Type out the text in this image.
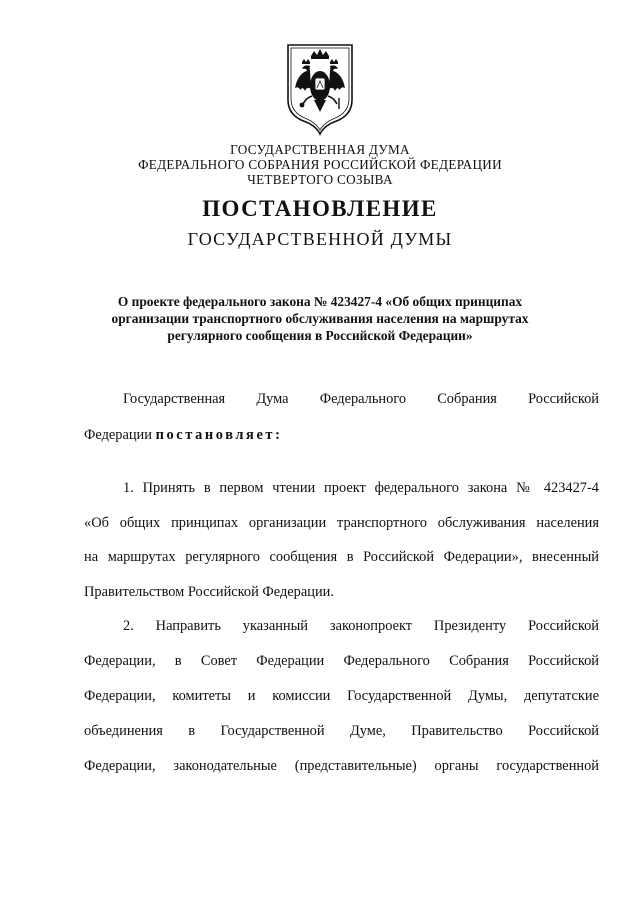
ГОСУДАРСТВЕННАЯ ДУМА
ФЕДЕРАЛЬНОГО СОБРАНИЯ РОССИЙСКОЙ ФЕДЕРАЦИИ
ЧЕТВЕРТОГО СОЗЫВА
ПОСТАНОВЛЕНИЕ
ГОСУДАРСТВЕННОЙ ДУМЫ
О проекте федерального закона № 423427-4 «Об общих принципах
организации транспортного обслуживания населения на маршрутах
регулярного сообщения в Российской Федерации»
Государственная Дума Федерального Собрания Российской
Федерации постановляет:
1. Принять в первом чтении проект федерального закона № 423427-4
«Об общих принципах организации транспортного обслуживания населения
на маршрутах регулярного сообщения в Российской Федерации», внесенный
Правительством Российской Федерации.
2. Направить указанный законопроект Президенту Российской
Федерации, в Совет Федерации Федерального Собрания Российской
Федерации, комитеты и комиссии Государственной Думы, депутатские
объединения в Государственной Думе, Правительство Российской
Федерации, законодательные (представительные) органы государственной
